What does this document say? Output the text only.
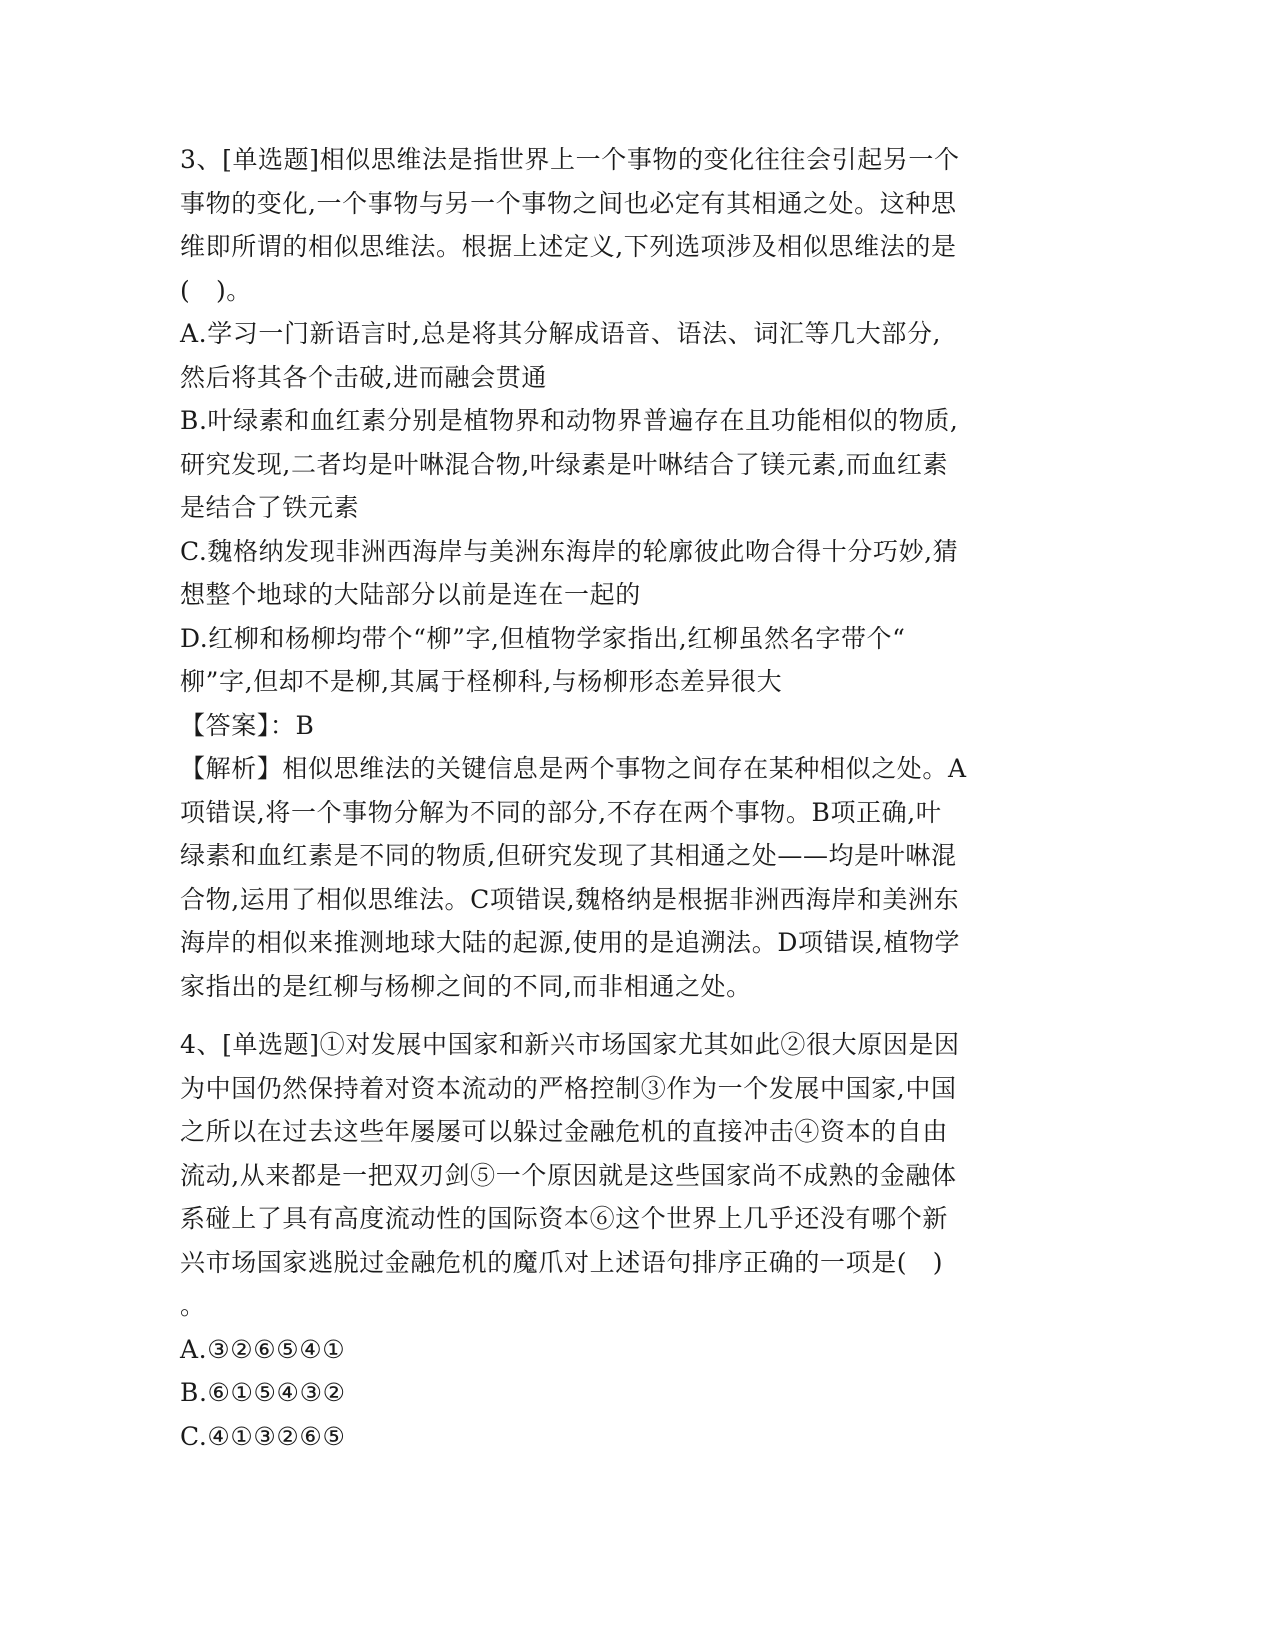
3、[单选题]相似思维法是指世界上一个事物的变化往往会引起另一个
事物的变化,一个事物与另一个事物之间也必定有其相通之处。这种思
维即所谓的相似思维法。根据上述定义,下列选项涉及相似思维法的是
(　)。
A.学习一门新语言时,总是将其分解成语音、语法、词汇等几大部分,
然后将其各个击破,进而融会贯通
B.叶绿素和血红素分别是植物界和动物界普遍存在且功能相似的物质,
研究发现,二者均是叶啉混合物,叶绿素是叶啉结合了镁元素,而血红素
是结合了铁元素
C.魏格纳发现非洲西海岸与美洲东海岸的轮廓彼此吻合得十分巧妙,猜
想整个地球的大陆部分以前是连在一起的
D.红柳和杨柳均带个“柳”字,但植物学家指出,红柳虽然名字带个“
柳”字,但却不是柳,其属于柽柳科,与杨柳形态差异很大
【答案】：B
【解析】相似思维法的关键信息是两个事物之间存在某种相似之处。A
项错误,将一个事物分解为不同的部分,不存在两个事物。B项正确,叶
绿素和血红素是不同的物质,但研究发现了其相通之处——均是叶啉混
合物,运用了相似思维法。C项错误,魏格纳是根据非洲西海岸和美洲东
海岸的相似来推测地球大陆的起源,使用的是追溯法。D项错误,植物学
家指出的是红柳与杨柳之间的不同,而非相通之处。
4、[单选题]①对发展中国家和新兴市场国家尤其如此②很大原因是因
为中国仍然保持着对资本流动的严格控制③作为一个发展中国家,中国
之所以在过去这些年屡屡可以躲过金融危机的直接冲击④资本的自由
流动,从来都是一把双刃剑⑤一个原因就是这些国家尚不成熟的金融体
系碰上了具有高度流动性的国际资本⑥这个世界上几乎还没有哪个新
兴市场国家逃脱过金融危机的魔爪对上述语句排序正确的一项是(　)
。
A.③②⑥⑤④①
B.⑥①⑤④③②
C.④①③②⑥⑤
